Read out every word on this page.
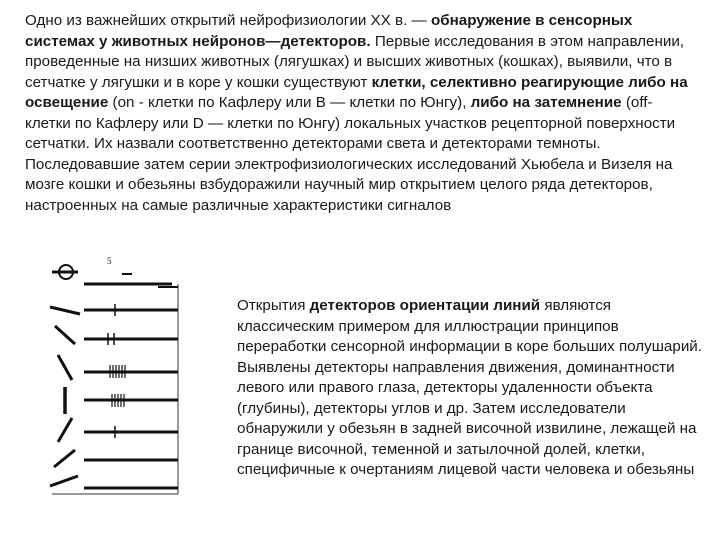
Одно из важнейших открытий нейрофизиологии XX в. — обнаружение в сенсорных системах у животных нейронов—детекторов. Первые исследования в этом направлении, проведенные на низших животных (лягушках) и высших животных (кошках), выявили, что в сетчатке у лягушки и в коре у кошки существуют клетки, селективно реагирующие либо на освещение (on - клетки по Кафлеру или В — клетки по Юнгу), либо на затемнение (off- клетки по Кафлеру или D — клетки по Юнгу) локальных участков рецепторной поверхности сетчатки. Их назвали соответственно детекторами света и детекторами темноты.
Последовавшие затем серии электрофизиологических исследований Хьюбела и Визеля на мозге кошки и обезьяны взбудоражили научный мир открытием целого ряда детекторов, настроенных на самые различные характеристики сигналов
5
Открытия детекторов ориентации линий являются классическим примером для иллюстрации принципов переработки сенсорной информации в коре больших полушарий. Выявлены детекторы направления движения, доминантности левого или правого глаза, детекторы удаленности объекта (глубины), детекторы углов и др. Затем исследователи обнаружили у обезьян в задней височной извилине, лежащей на границе височной, теменной и затылочной долей, клетки, специфичные к очертаниям лицевой части человека и обезьяны
